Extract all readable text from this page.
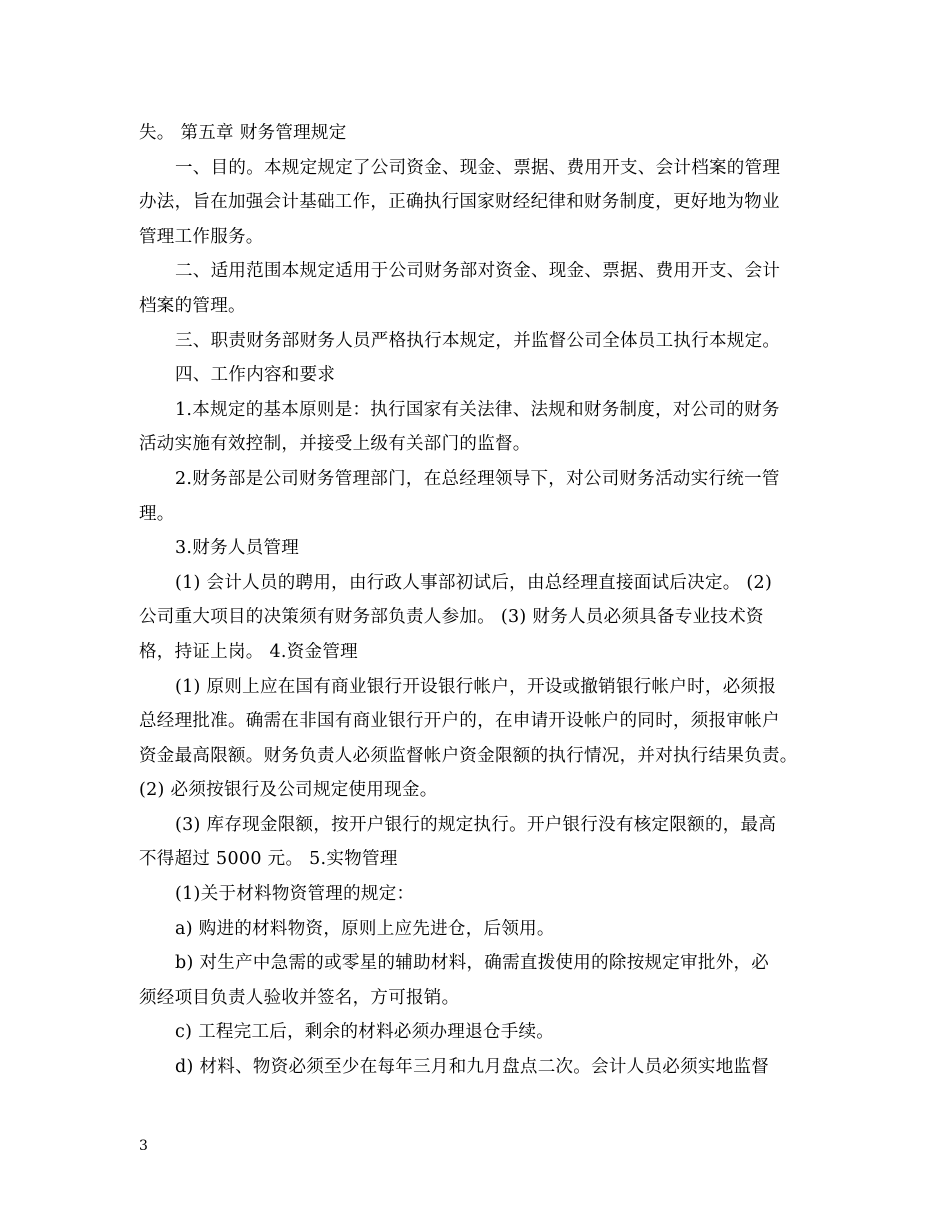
失。 第五章 财务管理规定
一、目的。本规定规定了公司资金、现金、票据、费用开支、会计档案的管理
办法，旨在加强会计基础工作，正确执行国家财经纪律和财务制度，更好地为物业
管理工作服务。
二、适用范围本规定适用于公司财务部对资金、现金、票据、费用开支、会计
档案的管理。
三、职责财务部财务人员严格执行本规定，并监督公司全体员工执行本规定。
四、工作内容和要求
1.本规定的基本原则是：执行国家有关法律、法规和财务制度，对公司的财务
活动实施有效控制，并接受上级有关部门的监督。
2.财务部是公司财务管理部门，在总经理领导下，对公司财务活动实行统一管
理。
3.财务人员管理
(1) 会计人员的聘用，由行政人事部初试后，由总经理直接面试后决定。 (2)
公司重大项目的决策须有财务部负责人参加。 (3) 财务人员必须具备专业技术资
格，持证上岗。 4.资金管理
(1) 原则上应在国有商业银行开设银行帐户，开设或撤销银行帐户时，必须报
总经理批准。确需在非国有商业银行开户的，在申请开设帐户的同时，须报审帐户
资金最高限额。财务负责人必须监督帐户资金限额的执行情况，并对执行结果负责。
(2) 必须按银行及公司规定使用现金。
(3) 库存现金限额，按开户银行的规定执行。开户银行没有核定限额的，最高
不得超过 5000 元。 5.实物管理
(1)关于材料物资管理的规定：
a) 购进的材料物资，原则上应先进仓，后领用。
b) 对生产中急需的或零星的辅助材料，确需直拨使用的除按规定审批外，必
须经项目负责人验收并签名，方可报销。
c) 工程完工后，剩余的材料必须办理退仓手续。
d) 材料、物资必须至少在每年三月和九月盘点二次。会计人员必须实地监督
3
